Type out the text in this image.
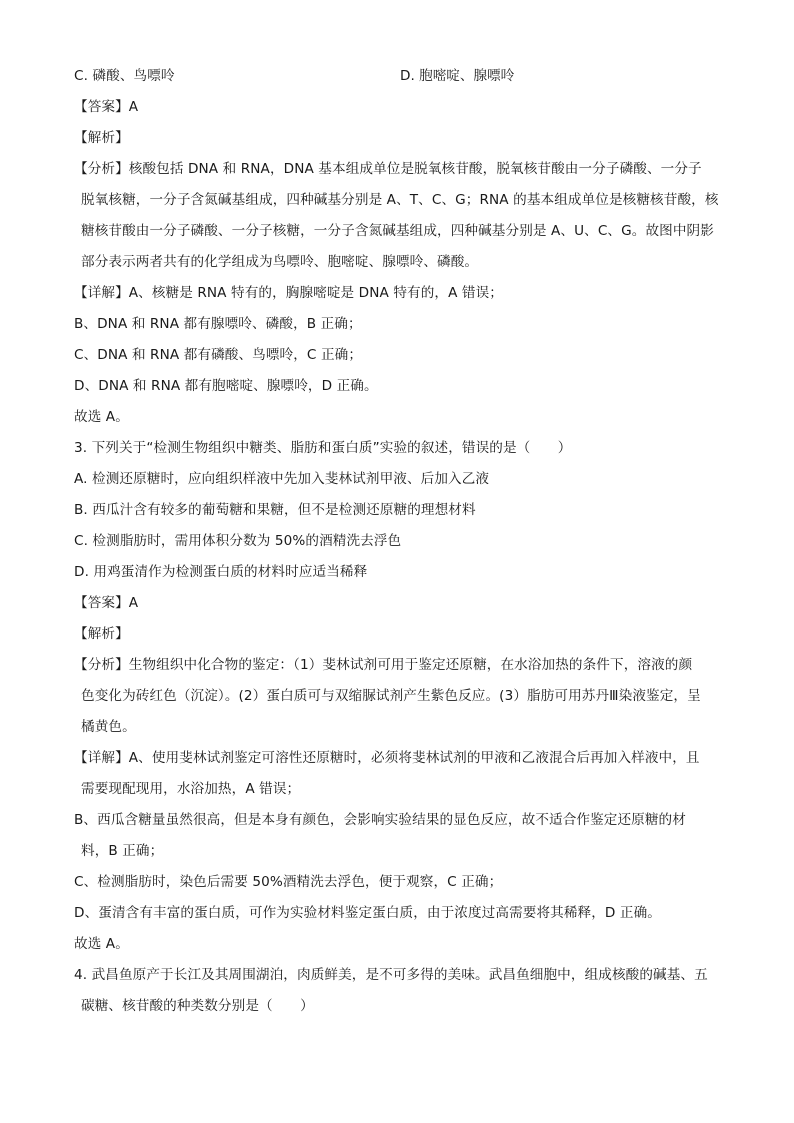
C. 磷酸、鸟嘌呤	D. 胞嘧啶、腺嘌呤
【答案】A
【解析】
【分析】核酸包括 DNA 和 RNA，DNA 基本组成单位是脱氧核苷酸，脱氧核苷酸由一分子磷酸、一分子
脱氧核糖，一分子含氮碱基组成，四种碱基分别是 A、T、C、G；RNA 的基本组成单位是核糖核苷酸，核
糖核苷酸由一分子磷酸、一分子核糖，一分子含氮碱基组成，四种碱基分别是 A、U、C、G。故图中阴影
部分表示两者共有的化学组成为鸟嘌呤、胞嘧啶、腺嘌呤、磷酸。
【详解】A、核糖是 RNA 特有的，胸腺嘧啶是 DNA 特有的，A 错误；
B、DNA 和 RNA 都有腺嘌呤、磷酸，B 正确；
C、DNA 和 RNA 都有磷酸、鸟嘌呤，C 正确；
D、DNA 和 RNA 都有胞嘧啶、腺嘌呤，D 正确。
故选 A。
3. 下列关于“检测生物组织中糖类、脂肪和蛋白质”实验的叙述，错误的是（　　）
A. 检测还原糖时，应向组织样液中先加入斐林试剂甲液、后加入乙液
B. 西瓜汁含有较多的葡萄糖和果糖，但不是检测还原糖的理想材料
C. 检测脂肪时，需用体积分数为 50%的酒精洗去浮色
D. 用鸡蛋清作为检测蛋白质的材料时应适当稀释
【答案】A
【解析】
【分析】生物组织中化合物的鉴定：（1）斐林试剂可用于鉴定还原糖，在水浴加热的条件下，溶液的颜
色变化为砖红色（沉淀）。(2）蛋白质可与双缩脲试剂产生紫色反应。(3）脂肪可用苏丹Ⅲ染液鉴定，呈
橘黄色。
【详解】A、使用斐林试剂鉴定可溶性还原糖时，必须将斐林试剂的甲液和乙液混合后再加入样液中，且
需要现配现用，水浴加热，A 错误；
B、西瓜含糖量虽然很高，但是本身有颜色，会影响实验结果的显色反应，故不适合作鉴定还原糖的材
料，B 正确；
C、检测脂肪时，染色后需要 50%酒精洗去浮色，便于观察，C 正确；
D、蛋清含有丰富的蛋白质，可作为实验材料鉴定蛋白质，由于浓度过高需要将其稀释，D 正确。
故选 A。
4. 武昌鱼原产于长江及其周围湖泊，肉质鲜美，是不可多得的美味。武昌鱼细胞中，组成核酸的碱基、五
碳糖、核苷酸的种类数分别是（　　）
